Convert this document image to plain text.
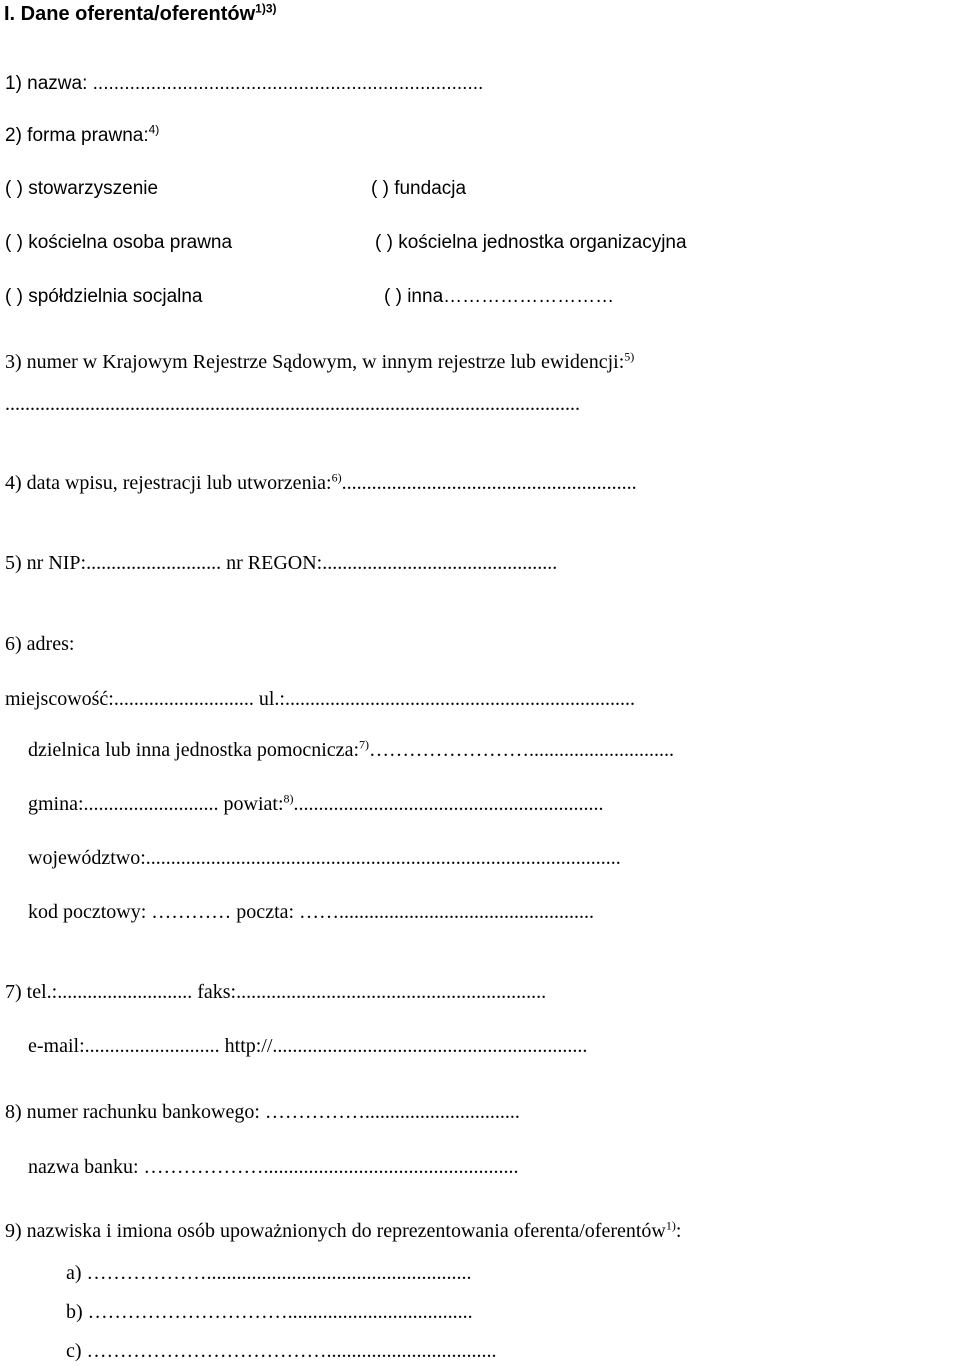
I. Dane oferenta/oferentów$^{1)3)}$
1) nazwa: ..........................................................................
2) forma prawna:$^{4)}$
( ) stowarzyszenie	( ) fundacja
( ) kościelna osoba prawna	( ) kościelna jednostka organizacyjna
( ) spółdzielnia socjalna	( ) inna………………………
3) numer w Krajowym Rejestrze Sądowym, w innym rejestrze lub ewidencji:$^{5)}$
...................................................................................................................
4) data wpisu, rejestracji lub utworzenia:$^{6)}$...........................................................
5) nr NIP:........................... nr REGON:...............................................
6) adres:
miejscowość:............................ ul.:......................................................................
dzielnica lub inna jednostka pomocnicza:$^{7)}$…………………….............................
gmina:........................... powiat:$^{8)}$..............................................................
województwo:...............................................................................................
kod pocztowy: ………… poczta: ……...................................................
7) tel.:........................... faks:..............................................................
e-mail:........................... http://...............................................................
8) numer rachunku bankowego: ……………...............................
nazwa banku: ………………...................................................
9) nazwiska i imiona osób upoważnionych do reprezentowania oferenta/oferentów$^{1)}$:
a) ……………….....................................................
b) ………………………….....................................
c) ………………………………..................................
